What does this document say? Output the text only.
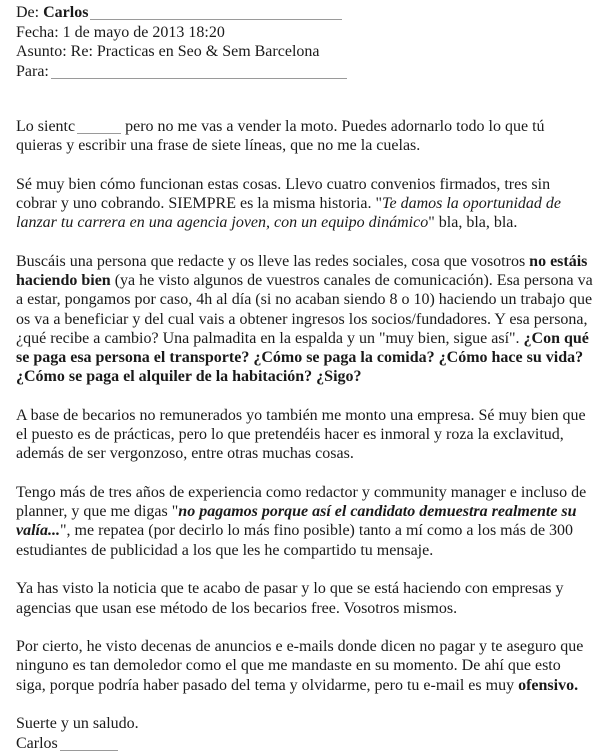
De: Carlos
Fecha: 1 de mayo de 2013 18:20
Asunto: Re: Practicas en Seo & Sem Barcelona
Para:

Lo sientc	pero no me vas a vender la moto. Puedes adornarlo todo lo que tú quieras y escribir una frase de siete líneas, que no me la cuelas.

Sé muy bien cómo funcionan estas cosas. Llevo cuatro convenios firmados, tres sin cobrar y uno cobrando. SIEMPRE es la misma historia. "Te damos la oportunidad de lanzar tu carrera en una agencia joven, con un equipo dinámico" bla, bla, bla.

Buscáis una persona que redacte y os lleve las redes sociales, cosa que vosotros no estáis haciendo bien (ya he visto algunos de vuestros canales de comunicación). Esa persona va a estar, pongamos por caso, 4h al día (si no acaban siendo 8 o 10) haciendo un trabajo que os va a beneficiar y del cual vais a obtener ingresos los socios/fundadores. Y esa persona, ¿qué recibe a cambio? Una palmadita en la espalda y un "muy bien, sigue así". ¿Con qué se paga esa persona el transporte? ¿Cómo se paga la comida? ¿Cómo hace su vida? ¿Cómo se paga el alquiler de la habitación? ¿Sigo?

A base de becarios no remunerados yo también me monto una empresa. Sé muy bien que el puesto es de prácticas, pero lo que pretendéis hacer es inmoral y roza la exclavitud, además de ser vergonzoso, entre otras muchas cosas.

Tengo más de tres años de experiencia como redactor y community manager e incluso de planner, y que me digas "no pagamos porque así el candidato demuestra realmente su valía...", me repatea (por decirlo lo más fino posible) tanto a mí como a los más de 300 estudiantes de publicidad a los que les he compartido tu mensaje.

Ya has visto la noticia que te acabo de pasar y lo que se está haciendo con empresas y agencias que usan ese método de los becarios free. Vosotros mismos.

Por cierto, he visto decenas de anuncios e e-mails donde dicen no pagar y te aseguro que ninguno es tan demoledor como el que me mandaste en su momento. De ahí que esto siga, porque podría haber pasado del tema y olvidarme, pero tu e-mail es muy ofensivo.

Suerte y un saludo.
Carlos
